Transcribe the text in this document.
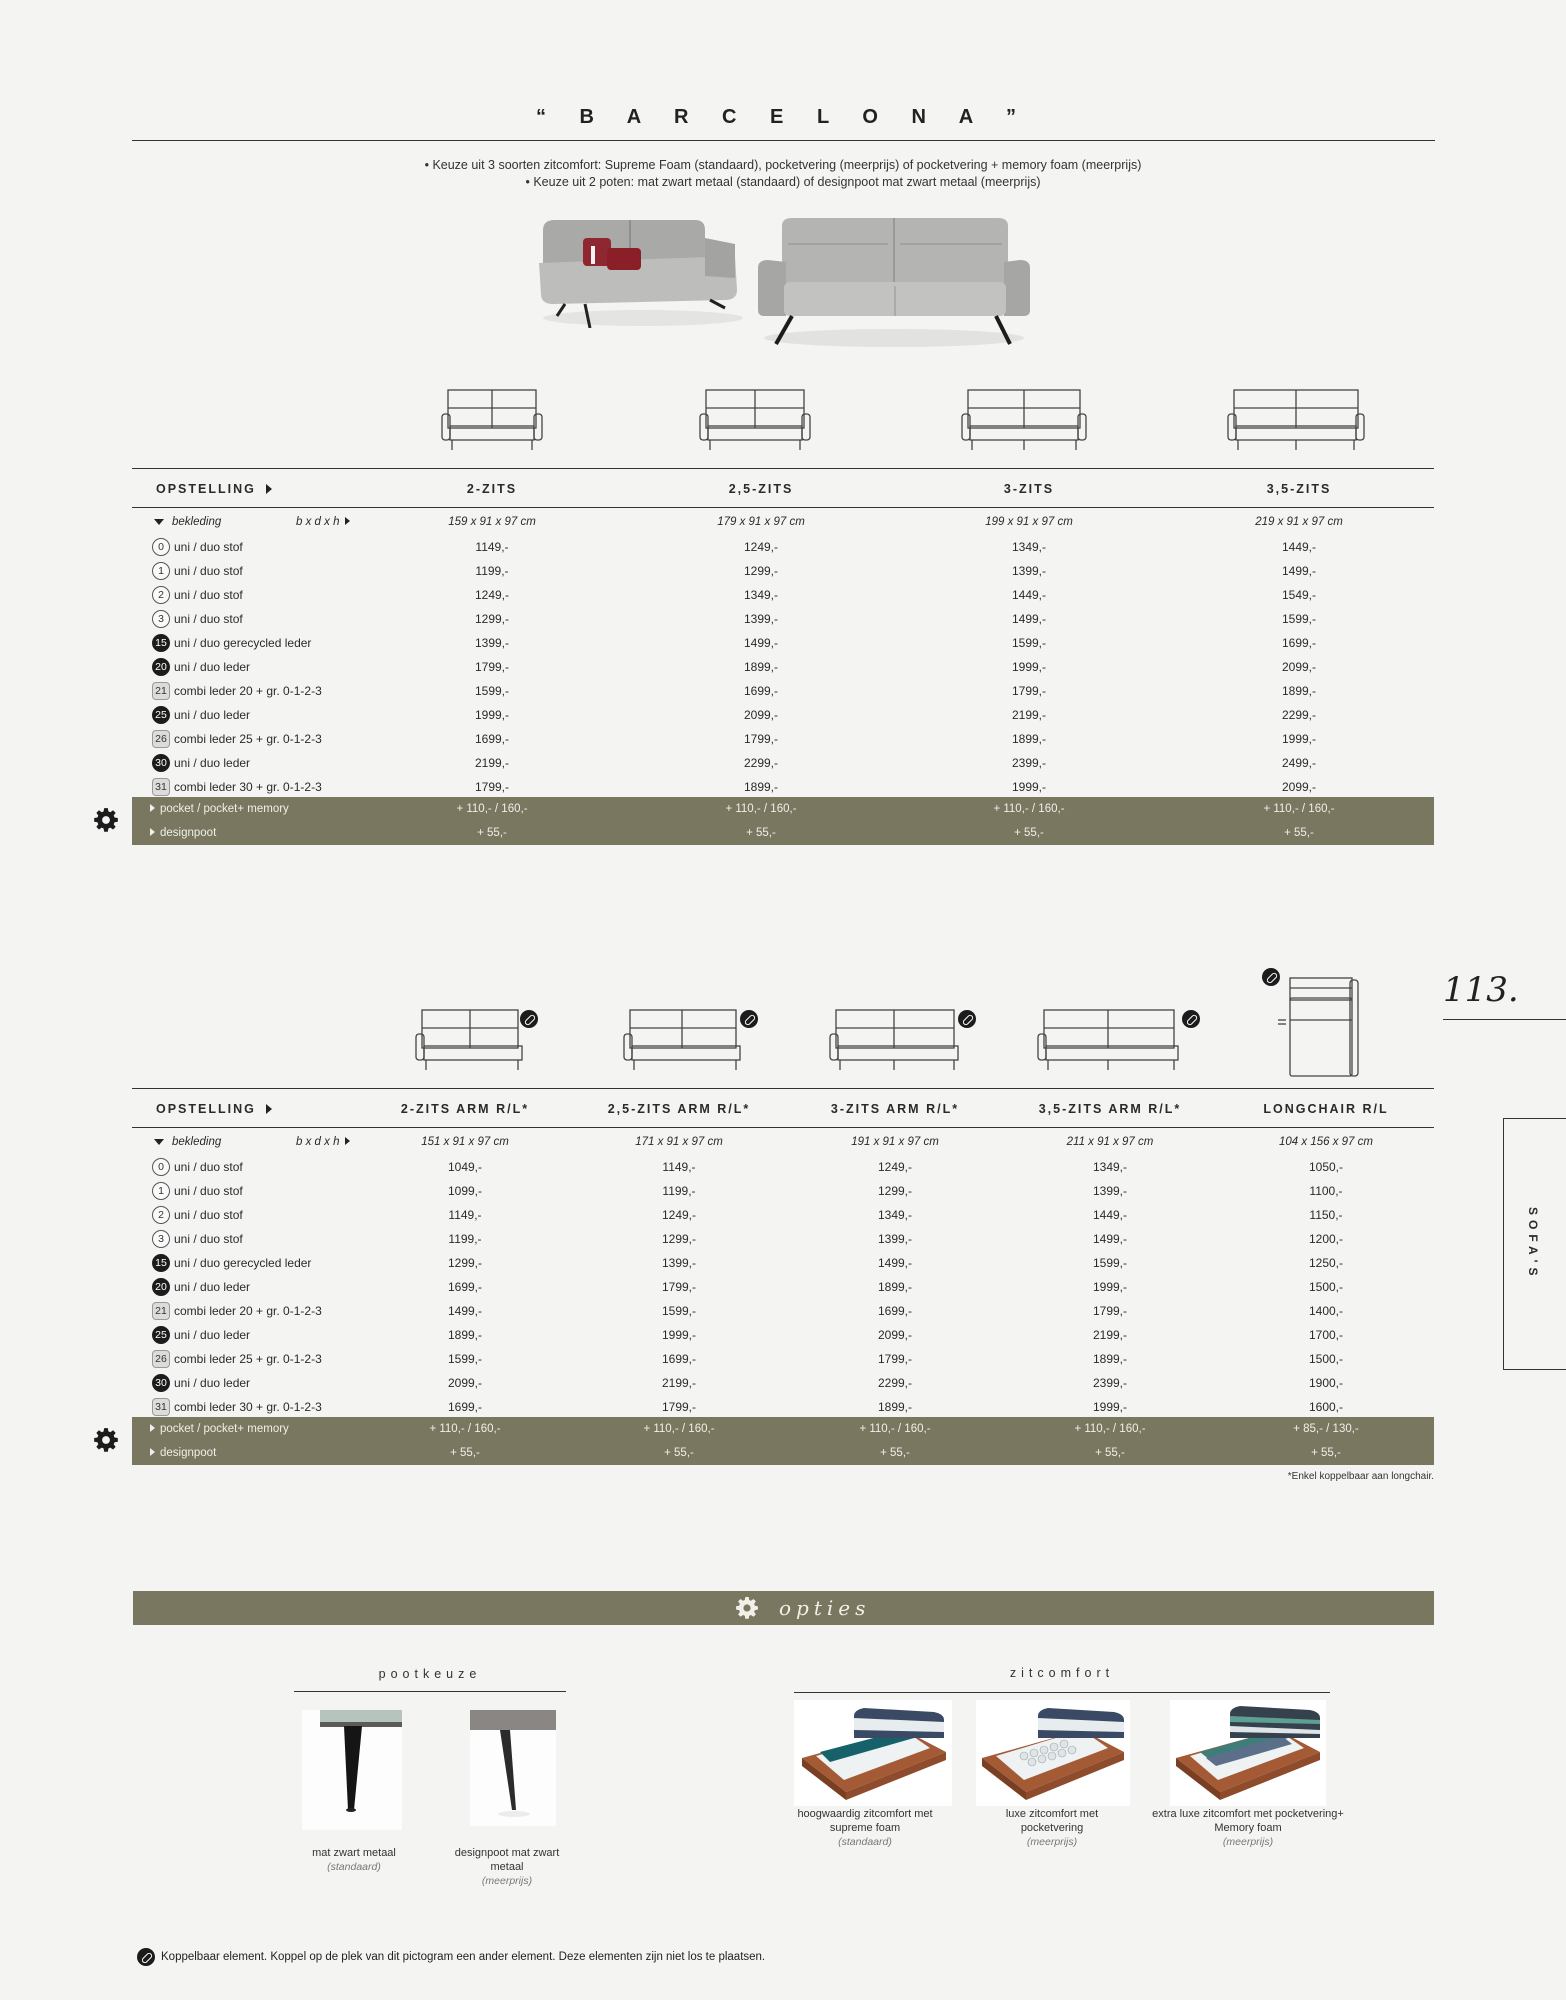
“ B A R C E L O N A ”
• Keuze uit 3 soorten zitcomfort: Supreme Foam (standaard), pocketvering (meerprijs) of pocketvering + memory foam (meerprijs)
• Keuze uit 2 poten: mat zwart metaal (standaard) of designpoot mat zwart metaal (meerprijs)
OPSTELLING	2-ZITS	2,5-ZITS	3-ZITS	3,5-ZITS
bekleding	b x d x h	159 x 91 x 97 cm	179 x 91 x 97 cm	199 x 91 x 97 cm	219 x 91 x 97 cm
0 uni / duo stof	1149,-	1249,-	1349,-	1449,-
1 uni / duo stof	1199,-	1299,-	1399,-	1499,-
2 uni / duo stof	1249,-	1349,-	1449,-	1549,-
3 uni / duo stof	1299,-	1399,-	1499,-	1599,-
15 uni / duo gerecycled leder	1399,-	1499,-	1599,-	1699,-
20 uni / duo leder	1799,-	1899,-	1999,-	2099,-
21 combi leder 20 + gr. 0-1-2-3	1599,-	1699,-	1799,-	1899,-
25 uni / duo leder	1999,-	2099,-	2199,-	2299,-
26 combi leder 25 + gr. 0-1-2-3	1699,-	1799,-	1899,-	1999,-
30 uni / duo leder	2199,-	2299,-	2399,-	2499,-
31 combi leder 30 + gr. 0-1-2-3	1799,-	1899,-	1999,-	2099,-
pocket / pocket+ memory	+ 110,- / 160,-	+ 110,- / 160,-	+ 110,- / 160,-	+ 110,- / 160,-
designpoot	+ 55,-	+ 55,-	+ 55,-	+ 55,-
OPSTELLING	2-ZITS ARM R/L*	2,5-ZITS ARM R/L*	3-ZITS ARM R/L*	3,5-ZITS ARM R/L*	LONGCHAIR R/L
bekleding	b x d x h	151 x 91 x 97 cm	171 x 91 x 97 cm	191 x 91 x 97 cm	211 x 91 x 97 cm	104 x 156 x 97 cm
0 uni / duo stof	1049,-	1149,-	1249,-	1349,-	1050,-
1 uni / duo stof	1099,-	1199,-	1299,-	1399,-	1100,-
2 uni / duo stof	1149,-	1249,-	1349,-	1449,-	1150,-
3 uni / duo stof	1199,-	1299,-	1399,-	1499,-	1200,-
15 uni / duo gerecycled leder	1299,-	1399,-	1499,-	1599,-	1250,-
20 uni / duo leder	1699,-	1799,-	1899,-	1999,-	1500,-
21 combi leder 20 + gr. 0-1-2-3	1499,-	1599,-	1699,-	1799,-	1400,-
25 uni / duo leder	1899,-	1999,-	2099,-	2199,-	1700,-
26 combi leder 25 + gr. 0-1-2-3	1599,-	1699,-	1799,-	1899,-	1500,-
30 uni / duo leder	2099,-	2199,-	2299,-	2399,-	1900,-
31 combi leder 30 + gr. 0-1-2-3	1699,-	1799,-	1899,-	1999,-	1600,-
pocket / pocket+ memory	+ 110,- / 160,-	+ 110,- / 160,-	+ 110,- / 160,-	+ 110,- / 160,-	+ 85,- / 130,-
designpoot	+ 55,-	+ 55,-	+ 55,-	+ 55,-	+ 55,-
*Enkel koppelbaar aan longchair.
113.
SOFA'S
opties
pootkeuze
mat zwart metaal
(standaard)
designpoot mat zwart metaal
(meerprijs)
zitcomfort
hoogwaardig zitcomfort met supreme foam
(standaard)
luxe zitcomfort met pocketvering
(meerprijs)
extra luxe zitcomfort met pocketvering+ Memory foam
(meerprijs)
Koppelbaar element. Koppel op de plek van dit pictogram een ander element. Deze elementen zijn niet los te plaatsen.
